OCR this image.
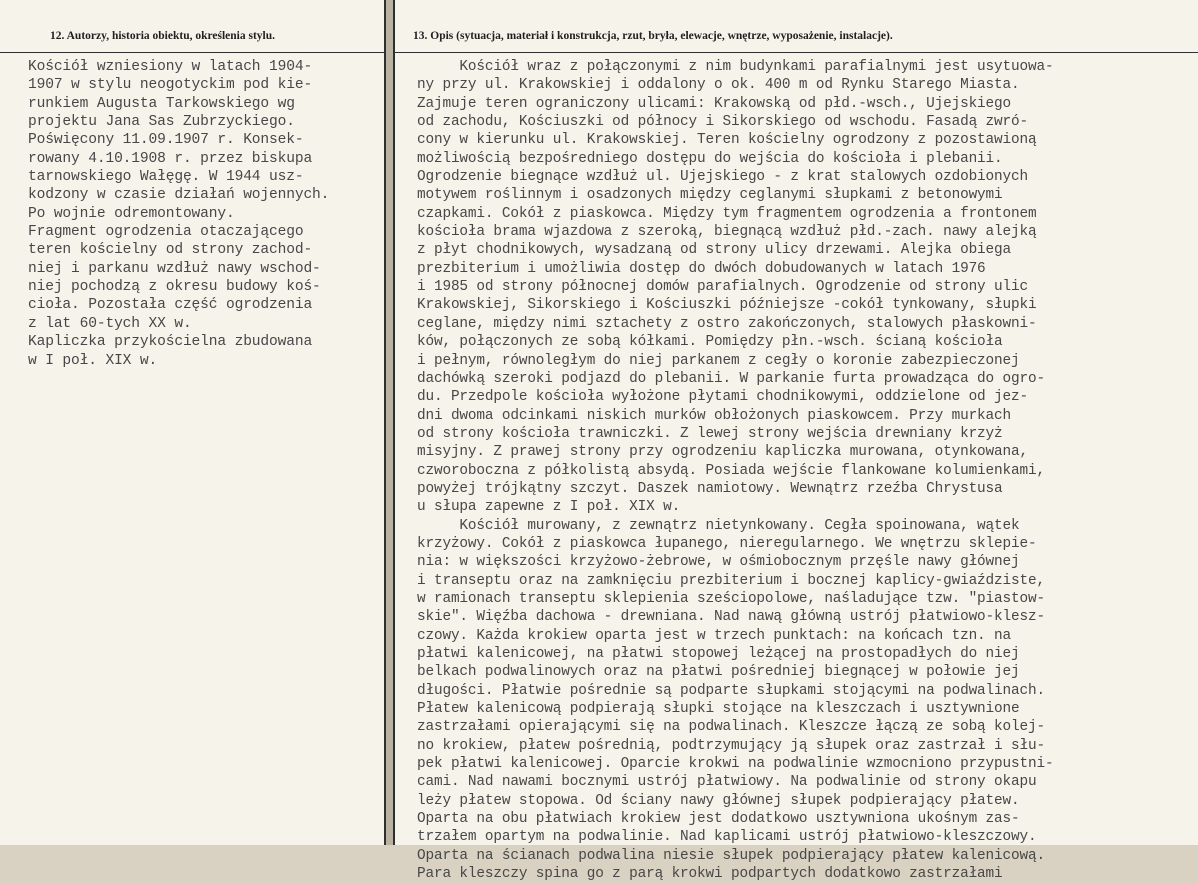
12. Autorzy, historia obiektu, określenia stylu.
Kościół wzniesiony w latach 1904-
1907 w stylu neogotyckim pod kie-
runkiem Augusta Tarkowskiego wg
projektu Jana Sas Zubrzyckiego.
Poświęcony 11.09.1907 r. Konsek-
rowany 4.10.1908 r. przez biskupa
tarnowskiego Wałęgę. W 1944 usz-
kodzony w czasie działań wojennych.
Po wojnie odremontowany.
Fragment ogrodzenia otaczającego
teren kościelny od strony zachod-
niej i parkanu wzdłuż nawy wschod-
niej pochodzą z okresu budowy koś-
cioła. Pozostała część ogrodzenia
z lat 60-tych XX w.
Kapliczka przykościelna zbudowana
w I poł. XIX w.
13. Opis (sytuacja, materiał i konstrukcja, rzut, bryła, elewacje, wnętrze, wyposażenie, instalacje).
Kościół wraz z połączonymi z nim budynkami parafialnymi jest usytuowa-
ny przy ul. Krakowskiej i oddalony o ok. 400 m od Rynku Starego Miasta.
Zajmuje teren ograniczony ulicami: Krakowską od płd.-wsch., Ujejskiego
od zachodu, Kościuszki od północy i Sikorskiego od wschodu. Fasadą zwró-
cony w kierunku ul. Krakowskiej. Teren kościelny ogrodzony z pozostawioną
możliwością bezpośredniego dostępu do wejścia do kościoła i plebanii.
Ogrodzenie biegnące wzdłuż ul. Ujejskiego - z krat stalowych ozdobionych
motywem roślinnym i osadzonych między ceglanymi słupkami z betonowymi
czapkami. Cokół z piaskowca. Między tym fragmentem ogrodzenia a frontonem
kościoła brama wjazdowa z szeroką, biegnącą wzdłuż płd.-zach. nawy alejką
z płyt chodnikowych, wysadzaną od strony ulicy drzewami. Alejka obiega
prezbiterium i umożliwia dostęp do dwóch dobudowanych w latach 1976
i 1985 od strony północnej domów parafialnych. Ogrodzenie od strony ulic
Krakowskiej, Sikorskiego i Kościuszki późniejsze -cokół tynkowany, słupki
ceglane, między nimi sztachety z ostro zakończonych, stalowych płaskowni-
ków, połączonych ze sobą kółkami. Pomiędzy płn.-wsch. ścianą kościoła
i pełnym, równoległym do niej parkanem z cegły o koronie zabezpieczonej
dachówką szeroki podjazd do plebanii. W parkanie furta prowadząca do ogro-
du. Przedpole kościoła wyłożone płytami chodnikowymi, oddzielone od jez-
dni dwoma odcinkami niskich murków obłożonych piaskowcem. Przy murkach
od strony kościoła trawniczki. Z lewej strony wejścia drewniany krzyż
misyjny. Z prawej strony przy ogrodzeniu kapliczka murowana, otynkowana,
czworoboczna z półkolistą absydą. Posiada wejście flankowane kolumienkami,
powyżej trójkątny szczyt. Daszek namiotowy. Wewnątrz rzeźba Chrystusa
u słupa zapewne z I poł. XIX w.
Kościół murowany, z zewnątrz nietynkowany. Cegła spoinowana, wątek
krzyżowy. Cokół z piaskowca łupanego, nieregularnego. We wnętrzu sklepie-
nia: w większości krzyżowo-żebrowe, w ośmiobocznym przęśle nawy głównej
i transeptu oraz na zamknięciu prezbiterium i bocznej kaplicy-gwiaździste,
w ramionach transeptu sklepienia sześciopolowe, naśladujące tzw. "piastow-
skie". Więźba dachowa - drewniana. Nad nawą główną ustrój płatwiowo-klesz-
czowy. Każda krokiew oparta jest w trzech punktach: na końcach tzn. na
płatwi kalenicowej, na płatwi stopowej leżącej na prostopadłych do niej
belkach podwalinowych oraz na płatwi pośredniej biegnącej w połowie jej
długości. Płatwie pośrednie są podparte słupkami stojącymi na podwalinach.
Płatew kalenicową podpierają słupki stojące na kleszczach i usztywnione
zastrzałami opierającymi się na podwalinach. Kleszcze łączą ze sobą kolej-
no krokiew, płatew pośrednią, podtrzymujący ją słupek oraz zastrzał i słu-
pek płatwi kalenicowej. Oparcie krokwi na podwalinie wzmocniono przypustni-
cami. Nad nawami bocznymi ustrój płatwiowy. Na podwalinie od strony okapu
leży płatew stopowa. Od ściany nawy głównej słupek podpierający płatew.
Oparta na obu płatwiach krokiew jest dodatkowo usztywniona ukośnym zas-
trzałem opartym na podwalinie. Nad kaplicami ustrój płatwiowo-kleszczowy.
Oparta na ścianach podwalina niesie słupek podpierający płatew kalenicową.
Para kleszczy spina go z parą krokwi podpartych dodatkowo zastrzałami
